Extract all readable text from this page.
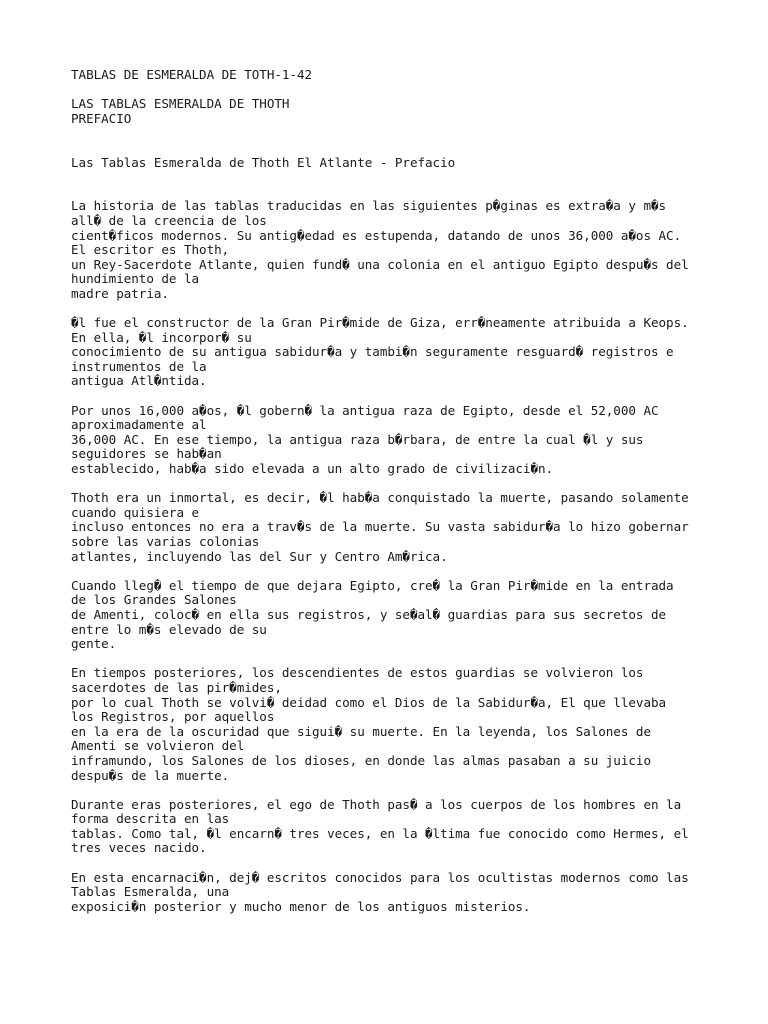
TABLAS DE ESMERALDA DE TOTH-1-42
LAS TABLAS ESMERALDA DE THOTH
PREFACIO
Las Tablas Esmeralda de Thoth El Atlante - Prefacio
La historia de las tablas traducidas en las siguientes p�ginas es extra�a y m�s
all� de la creencia de los
cient�ficos modernos. Su antig�edad es estupenda, datando de unos 36,000 a�os AC.
El escritor es Thoth,
un Rey-Sacerdote Atlante, quien fund� una colonia en el antiguo Egipto despu�s del
hundimiento de la
madre patria.
�l fue el constructor de la Gran Pir�mide de Giza, err�neamente atribuida a Keops.
En ella, �l incorpor� su
conocimiento de su antigua sabidur�a y tambi�n seguramente resguard� registros e
instrumentos de la
antigua Atl�ntida.
Por unos 16,000 a�os, �l gobern� la antigua raza de Egipto, desde el 52,000 AC
aproximadamente al
36,000 AC. En ese tiempo, la antigua raza b�rbara, de entre la cual �l y sus
seguidores se hab�an
establecido, hab�a sido elevada a un alto grado de civilizaci�n.
Thoth era un inmortal, es decir, �l hab�a conquistado la muerte, pasando solamente
cuando quisiera e
incluso entonces no era a trav�s de la muerte. Su vasta sabidur�a lo hizo gobernar
sobre las varias colonias
atlantes, incluyendo las del Sur y Centro Am�rica.
Cuando lleg� el tiempo de que dejara Egipto, cre� la Gran Pir�mide en la entrada
de los Grandes Salones
de Amenti, coloc� en ella sus registros, y se�al� guardias para sus secretos de
entre lo m�s elevado de su
gente.
En tiempos posteriores, los descendientes de estos guardias se volvieron los
sacerdotes de las pir�mides,
por lo cual Thoth se volvi� deidad como el Dios de la Sabidur�a, El que llevaba
los Registros, por aquellos
en la era de la oscuridad que sigui� su muerte. En la leyenda, los Salones de
Amenti se volvieron del
inframundo, los Salones de los dioses, en donde las almas pasaban a su juicio
despu�s de la muerte.
Durante eras posteriores, el ego de Thoth pas� a los cuerpos de los hombres en la
forma descrita en las
tablas. Como tal, �l encarn� tres veces, en la �ltima fue conocido como Hermes, el
tres veces nacido.
En esta encarnaci�n, dej� escritos conocidos para los ocultistas modernos como las
Tablas Esmeralda, una
exposici�n posterior y mucho menor de los antiguos misterios.
